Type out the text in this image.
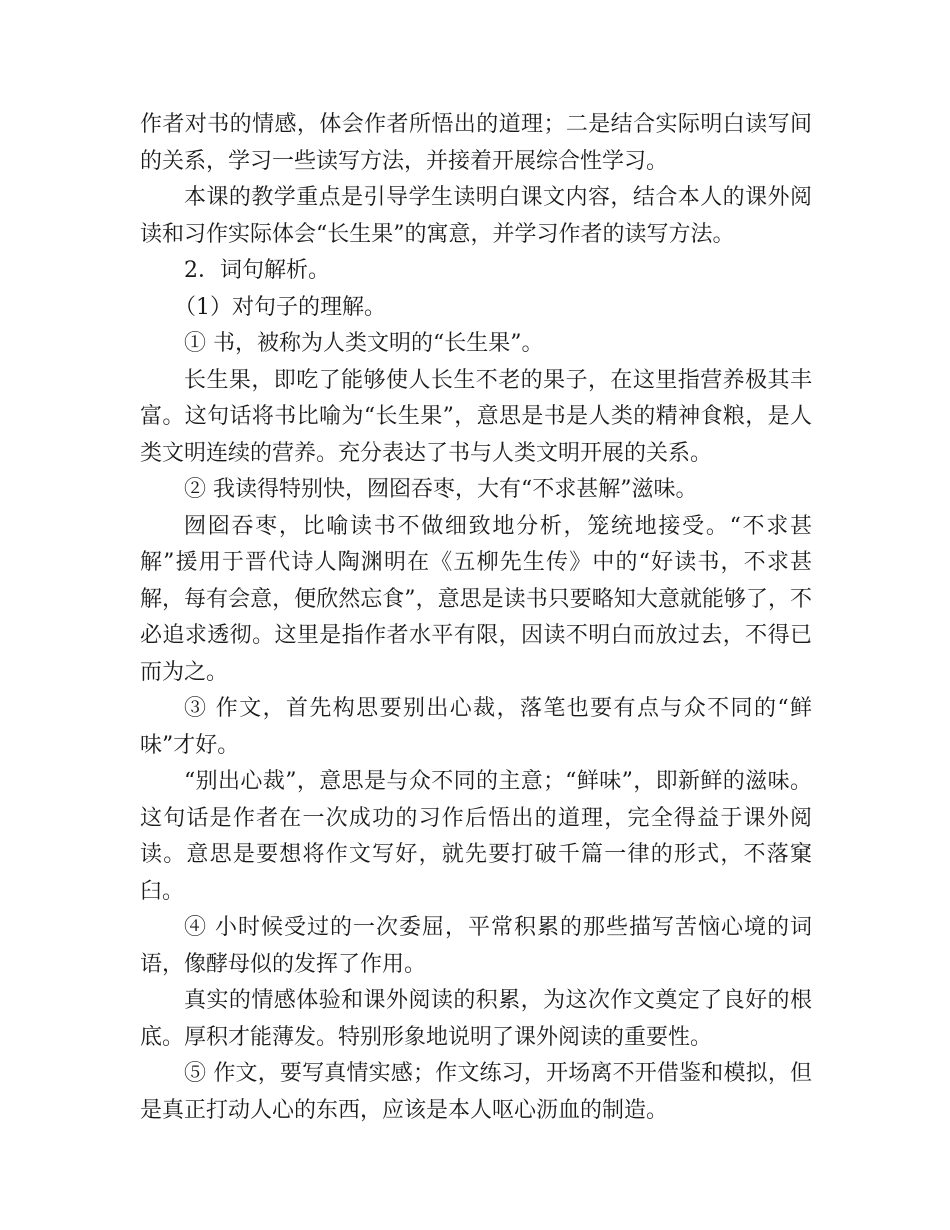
作者对书的情感，体会作者所悟出的道理；二是结合实际明白读写间的关系，学习一些读写方法，并接着开展综合性学习。

本课的教学重点是引导学生读明白课文内容，结合本人的课外阅读和习作实际体会“长生果”的寓意，并学习作者的读写方法。

2．词句解析。

（1）对句子的理解。

① 书，被称为人类文明的“长生果”。

长生果，即吃了能够使人长生不老的果子，在这里指营养极其丰富。这句话将书比喻为“长生果”，意思是书是人类的精神食粮，是人类文明连续的营养。充分表达了书与人类文明开展的关系。

② 我读得特别快，囫囵吞枣，大有“不求甚解”滋味。

囫囵吞枣，比喻读书不做细致地分析，笼统地接受。“不求甚解”援用于晋代诗人陶渊明在《五柳先生传》中的“好读书，不求甚解，每有会意，便欣然忘食”，意思是读书只要略知大意就能够了，不必追求透彻。这里是指作者水平有限，因读不明白而放过去，不得已而为之。

③ 作文，首先构思要别出心裁，落笔也要有点与众不同的“鲜味”才好。

“别出心裁”，意思是与众不同的主意；“鲜味”，即新鲜的滋味。这句话是作者在一次成功的习作后悟出的道理，完全得益于课外阅读。意思是要想将作文写好，就先要打破千篇一律的形式，不落窠臼。

④ 小时候受过的一次委屈，平常积累的那些描写苦恼心境的词语，像酵母似的发挥了作用。

真实的情感体验和课外阅读的积累，为这次作文奠定了良好的根底。厚积才能薄发。特别形象地说明了课外阅读的重要性。

⑤ 作文，要写真情实感；作文练习，开场离不开借鉴和模拟，但是真正打动人心的东西，应该是本人呕心沥血的制造。
